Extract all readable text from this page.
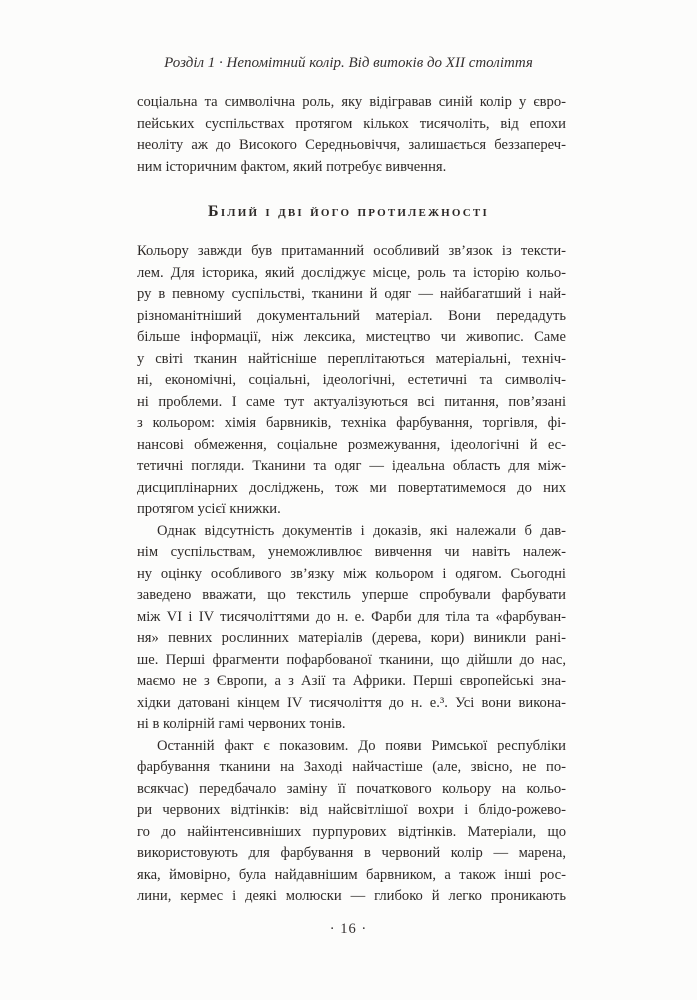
Розділ 1 · Непомітний колір. Від витоків до XII століття
соціальна та символічна роль, яку відігравав синій колір у євро-
пейських суспільствах протягом кількох тисячоліть, від епохи
неоліту аж до Високого Середньовіччя, залишається беззапереч-
ним історичним фактом, який потребує вивчення.
Білий і дві його протилежності
Кольору завжди був притаманний особливий зв’язок із тексти-
лем. Для історика, який досліджує місце, роль та історію кольо-
ру в певному суспільстві, тканини й одяг — найбагатший і най-
різноманітніший документальний матеріал. Вони передадуть
більше інформації, ніж лексика, мистецтво чи живопис. Саме
у світі тканин найтісніше переплітаються матеріальні, техніч-
ні, економічні, соціальні, ідеологічні, естетичні та символіч-
ні проблеми. І саме тут актуалізуються всі питання, пов’язані
з кольором: хімія барвників, техніка фарбування, торгівля, фі-
нансові обмеження, соціальне розмежування, ідеологічні й ес-
тетичні погляди. Тканини та одяг — ідеальна область для між-
дисциплінарних досліджень, тож ми повертатимемося до них
протягом усієї книжки.
Однак відсутність документів і доказів, які належали б дав-
нім суспільствам, унеможливлює вивчення чи навіть належ-
ну оцінку особливого зв’язку між кольором і одягом. Сьогодні
заведено вважати, що текстиль уперше спробували фарбувати
між VI і IV тисячоліттями до н. е. Фарби для тіла та «фарбуван-
ня» певних рослинних матеріалів (дерева, кори) виникли рані-
ше. Перші фрагменти пофарбованої тканини, що дійшли до нас,
маємо не з Європи, а з Азії та Африки. Перші європейські зна-
хідки датовані кінцем IV тисячоліття до н. е.³. Усі вони викона-
ні в колірній гамі червоних тонів.
Останній факт є показовим. До появи Римської республіки
фарбування тканини на Заході найчастіше (але, звісно, не по-
всякчас) передбачало заміну її початкового кольору на кольо-
ри червоних відтінків: від найсвітлішої вохри і блідо-рожево-
го до найінтенсивніших пурпурових відтінків. Матеріали, що
використовують для фарбування в червоний колір — марена,
яка, ймовірно, була найдавнішим барвником, а також інші рос-
лини, кермес і деякі молюски — глибоко й легко проникають
· 16 ·
